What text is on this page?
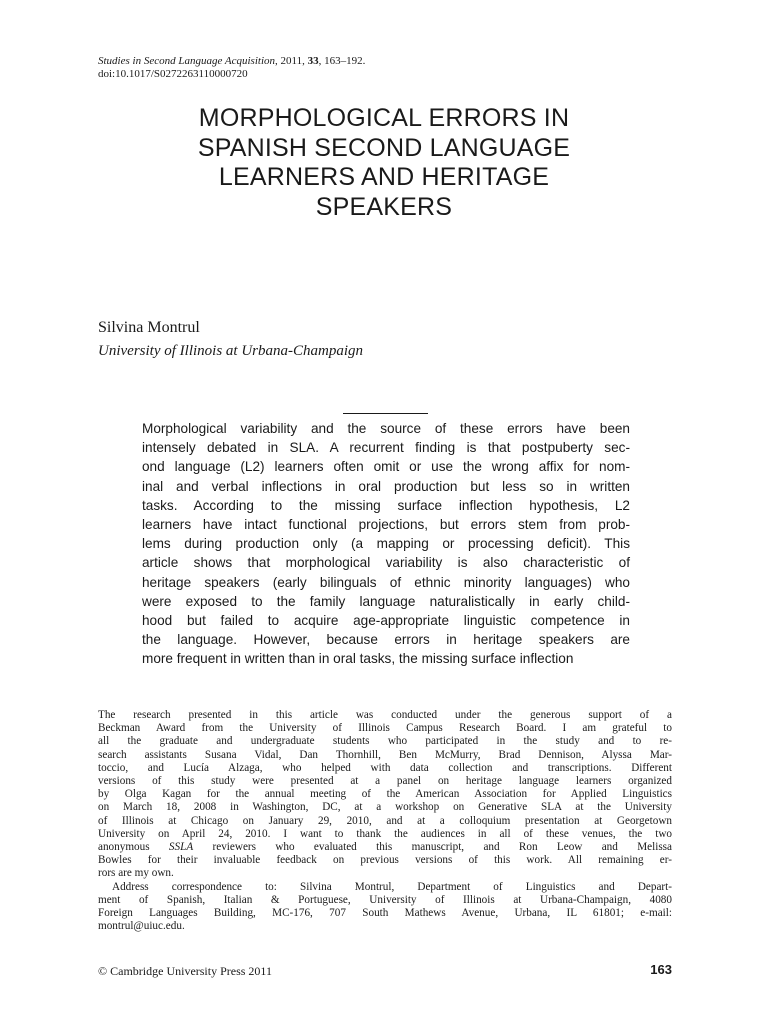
Studies in Second Language Acquisition, 2011, 33, 163–192.
doi:10.1017/S0272263110000720
MORPHOLOGICAL ERRORS IN
SPANISH SECOND LANGUAGE
LEARNERS AND HERITAGE
SPEAKERS
Silvina Montrul
University of Illinois at Urbana-Champaign
Morphological variability and the source of these errors have been
intensely debated in SLA. A recurrent finding is that postpuberty sec-
ond language (L2) learners often omit or use the wrong affix for nom-
inal and verbal inflections in oral production but less so in written
tasks. According to the missing surface inflection hypothesis, L2
learners have intact functional projections, but errors stem from prob-
lems during production only (a mapping or processing deficit). This
article shows that morphological variability is also characteristic of
heritage speakers (early bilinguals of ethnic minority languages) who
were exposed to the family language naturalistically in early child-
hood but failed to acquire age-appropriate linguistic competence in
the language. However, because errors in heritage speakers are
more frequent in written than in oral tasks, the missing surface inflection
The research presented in this article was conducted under the generous support of a
Beckman Award from the University of Illinois Campus Research Board. I am grateful to
all the graduate and undergraduate students who participated in the study and to re-
search assistants Susana Vidal, Dan Thornhill, Ben McMurry, Brad Dennison, Alyssa Mar-
toccio, and Lucía Alzaga, who helped with data collection and transcriptions. Different
versions of this study were presented at a panel on heritage language learners organized
by Olga Kagan for the annual meeting of the American Association for Applied Linguistics
on March 18, 2008 in Washington, DC, at a workshop on Generative SLA at the University
of Illinois at Chicago on January 29, 2010, and at a colloquium presentation at Georgetown
University on April 24, 2010. I want to thank the audiences in all of these venues, the two
anonymous SSLA reviewers who evaluated this manuscript, and Ron Leow and Melissa
Bowles for their invaluable feedback on previous versions of this work. All remaining er-
rors are my own.
Address correspondence to: Silvina Montrul, Department of Linguistics and Depart-
ment of Spanish, Italian & Portuguese, University of Illinois at Urbana-Champaign, 4080
Foreign Languages Building, MC-176, 707 South Mathews Avenue, Urbana, IL 61801; e-mail:
montrul@uiuc.edu.
© Cambridge University Press 2011	163
